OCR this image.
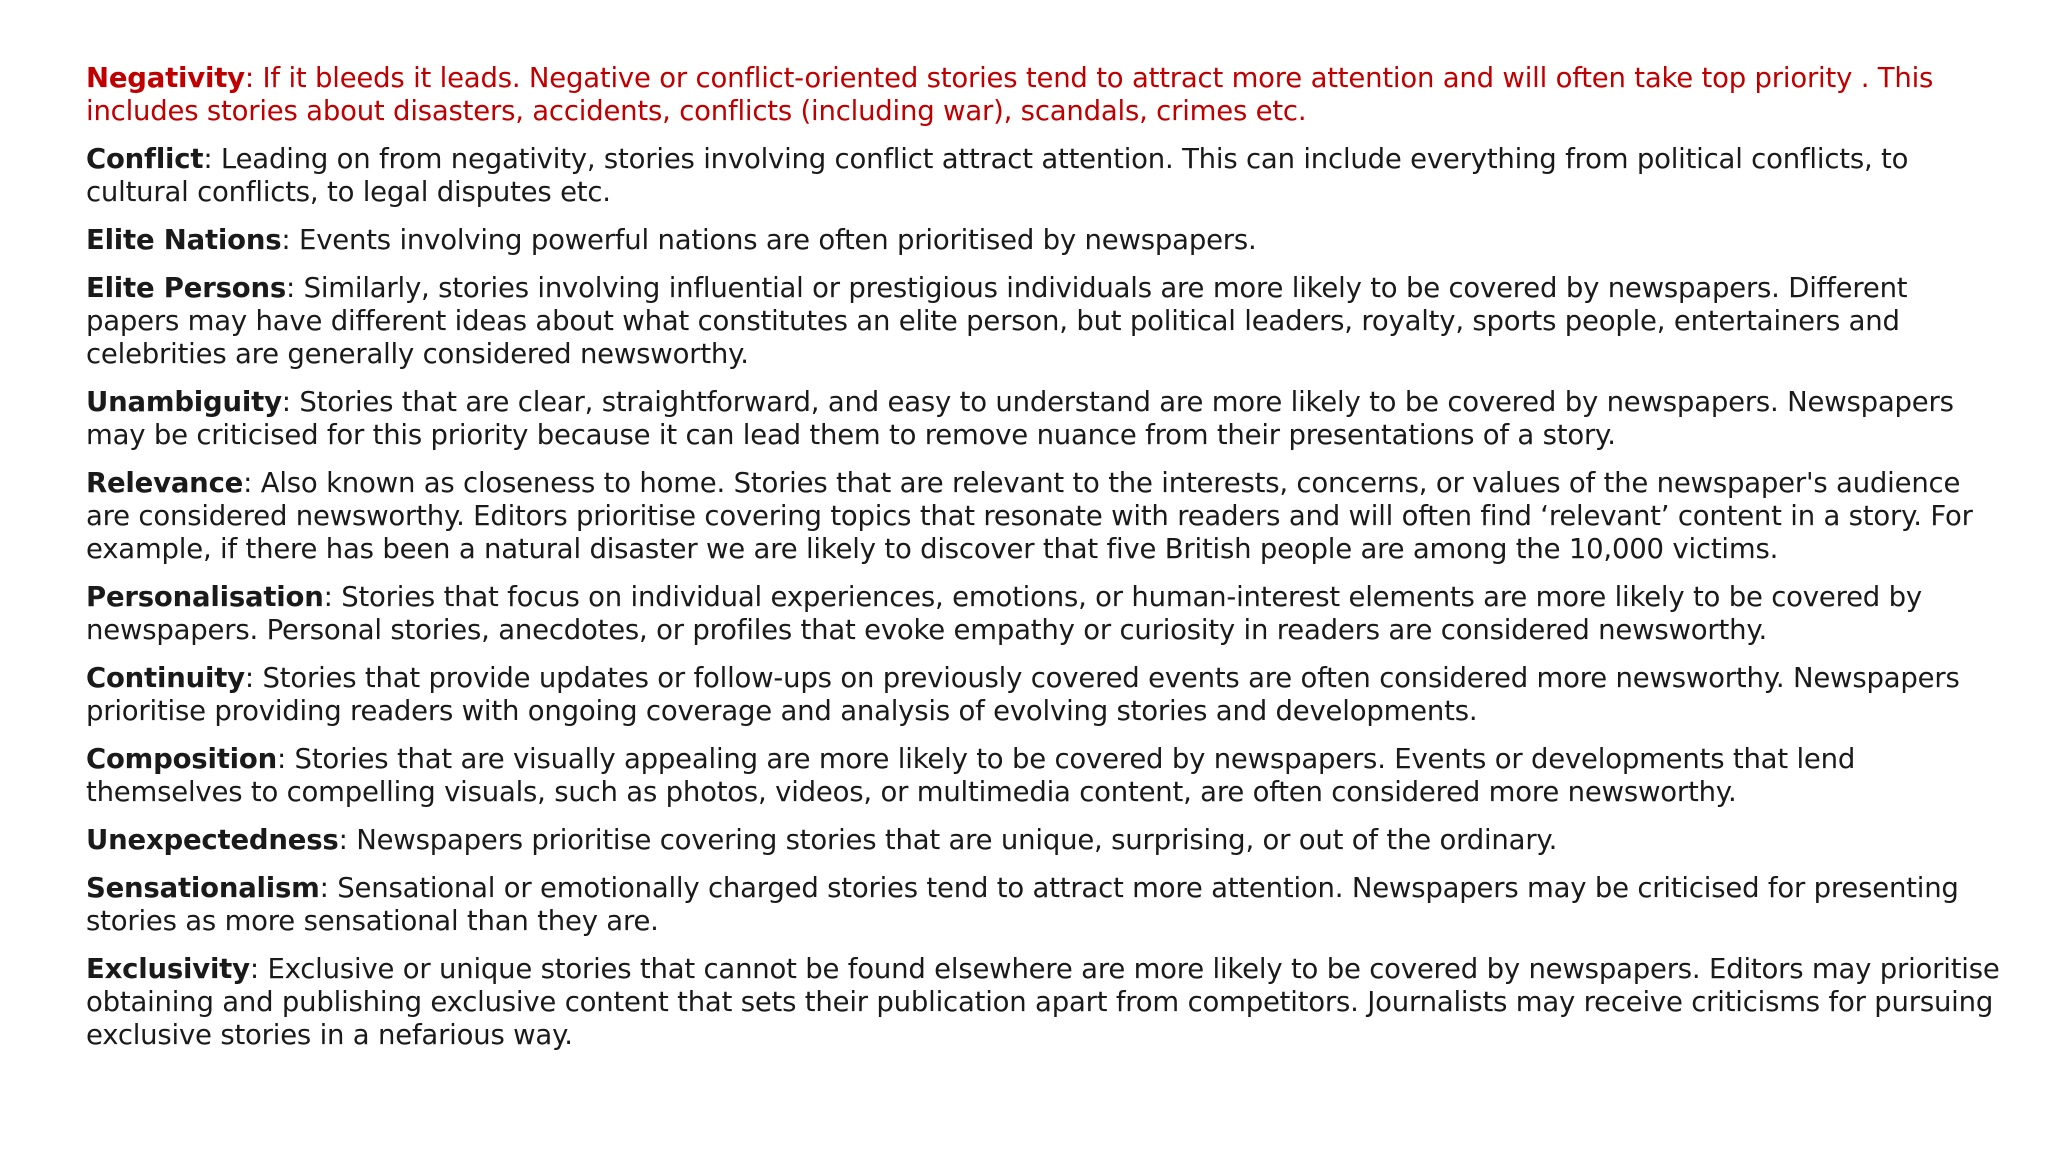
Negativity: If it bleeds it leads. Negative or conflict-oriented stories tend to attract more attention and will often take top priority . This includes stories about disasters, accidents, conflicts (including war), scandals, crimes etc.

Conflict: Leading on from negativity, stories involving conflict attract attention. This can include everything from political conflicts, to cultural conflicts, to legal disputes etc.

Elite Nations: Events involving powerful nations are often prioritised by newspapers.

Elite Persons: Similarly, stories involving influential or prestigious individuals are more likely to be covered by newspapers. Different papers may have different ideas about what constitutes an elite person, but political leaders, royalty, sports people, entertainers and celebrities are generally considered newsworthy.

Unambiguity: Stories that are clear, straightforward, and easy to understand are more likely to be covered by newspapers. Newspapers may be criticised for this priority because it can lead them to remove nuance from their presentations of a story.

Relevance: Also known as closeness to home. Stories that are relevant to the interests, concerns, or values of the newspaper's audience are considered newsworthy. Editors prioritise covering topics that resonate with readers and will often find ‘relevant’ content in a story. For example, if there has been a natural disaster we are likely to discover that five British people are among the 10,000 victims.

Personalisation: Stories that focus on individual experiences, emotions, or human-interest elements are more likely to be covered by newspapers. Personal stories, anecdotes, or profiles that evoke empathy or curiosity in readers are considered newsworthy.

Continuity: Stories that provide updates or follow-ups on previously covered events are often considered more newsworthy. Newspapers prioritise providing readers with ongoing coverage and analysis of evolving stories and developments.

Composition: Stories that are visually appealing are more likely to be covered by newspapers. Events or developments that lend themselves to compelling visuals, such as photos, videos, or multimedia content, are often considered more newsworthy.

Unexpectedness: Newspapers prioritise covering stories that are unique, surprising, or out of the ordinary.

Sensationalism: Sensational or emotionally charged stories tend to attract more attention. Newspapers may be criticised for presenting stories as more sensational than they are.

Exclusivity: Exclusive or unique stories that cannot be found elsewhere are more likely to be covered by newspapers. Editors may prioritise obtaining and publishing exclusive content that sets their publication apart from competitors. Journalists may receive criticisms for pursuing exclusive stories in a nefarious way.
